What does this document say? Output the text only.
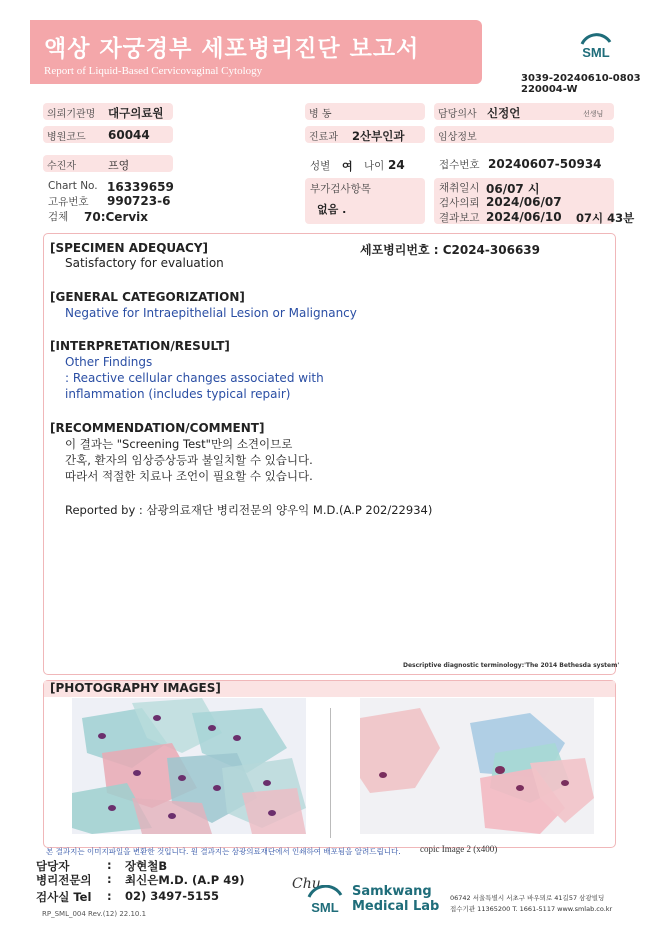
액상 자궁경부 세포병리진단 보고서
Report of Liquid-Based Cervicovaginal Cytology
SML
3039-20240610-0803
220004-W
의뢰기관명	대구의료원	병 동	담당의사 신정언	선생님
병원코드	60044	진료과	2산부인과	임상정보
수진자	프영	성별 여 나이 24	접수번호 20240607-50934
Chart No. 16339659
고유번호 990723-6
검체 70:Cervix
부가검사항목
없음 .
채취일시 06/07 시
검사의뢰 2024/06/07
결과보고 2024/06/10 07시 43분
[SPECIMEN ADEQUACY]	세포병리번호 : C2024-306639
Satisfactory for evaluation
[GENERAL CATEGORIZATION]
Negative for Intraepithelial Lesion or Malignancy
[INTERPRETATION/RESULT]
Other Findings
: Reactive cellular changes associated with
inflammation (includes typical repair)
[RECOMMENDATION/COMMENT]
이 결과는 "Screening Test"만의 소견이므로
간혹, 환자의 임상증상등과 불일치할 수 있습니다.
따라서 적절한 치료나 조언이 필요할 수 있습니다.
Reported by : 삼광의료재단 병리전문의 양우익 M.D.(A.P 202/22934)
Descriptive diagnostic terminology:'The 2014 Bethesda system'
[PHOTOGRAPHY IMAGES]
copic Image 2 (x400)
본 결과지는 이미지파일을 변환한 것입니다. 원 결과지는 삼광의료재단에서 인쇄하여 배포됨을 알려드립니다.
담당자	: 장현철B
병리전문의 : 최신은M.D. (A.P 49)
검사실 Tel : 02) 3497-5155
RP_SML_004 Rev.(12) 22.10.1
Chu
SML
Samkwang
Medical Lab
06742 서울특별시 서초구 바우뫼로 41길57 삼광빌딩
접수기관 11365200 T. 1661-5117 www.smlab.co.kr
